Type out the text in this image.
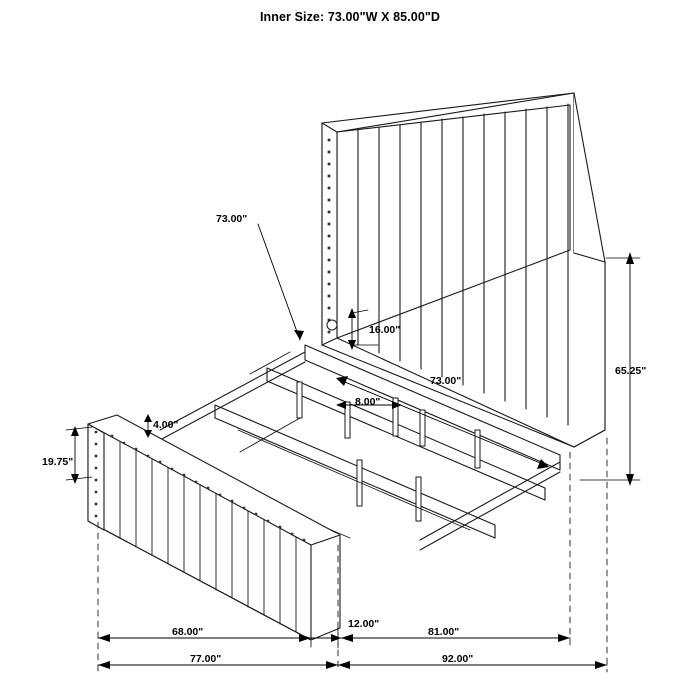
Inner Size: 73.00"W X 85.00"D
73.00"
16.00"
73.00"
8.00"
4.00"
19.75"
65.25"
12.00"
68.00"	81.00"
77.00"	92.00"
